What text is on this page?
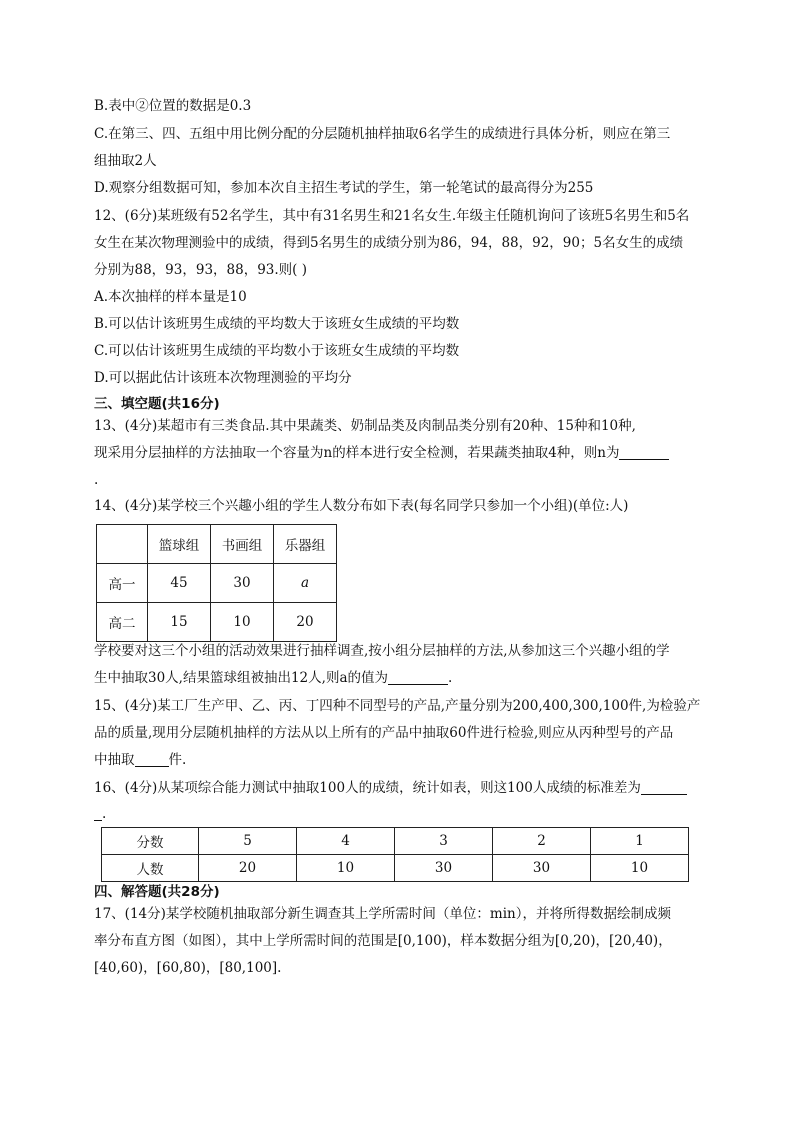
B.表中②位置的数据是0.3
C.在第三、四、五组中用比例分配的分层随机抽样抽取6名学生的成绩进行具体分析，则应在第三
组抽取2人
D.观察分组数据可知，参加本次自主招生考试的学生，第一轮笔试的最高得分为255
12、(6分)某班级有52名学生，其中有31名男生和21名女生.年级主任随机询问了该班5名男生和5名
女生在某次物理测验中的成绩，得到5名男生的成绩分别为86，94，88，92，90；5名女生的成绩
分别为88，93，93，88，93.则( )
A.本次抽样的样本量是10
B.可以估计该班男生成绩的平均数大于该班女生成绩的平均数
C.可以估计该班男生成绩的平均数小于该班女生成绩的平均数
D.可以据此估计该班本次物理测验的平均分
三、填空题(共16分)
13、(4分)某超市有三类食品.其中果蔬类、奶制品类及肉制品类分别有20种、15种和10种,
现采用分层抽样的方法抽取一个容量为n的样本进行安全检测，若果蔬类抽取4种，则n为
.
14、(4分)某学校三个兴趣小组的学生人数分布如下表(每名同学只参加一个小组)(单位:人)
	篮球组	书画组	乐器组
高一	45	30	a
高二	15	10	20
学校要对这三个小组的活动效果进行抽样调查,按小组分层抽样的方法,从参加这三个兴趣小组的学
生中抽取30人,结果篮球组被抽出12人,则a的值为	.
15、(4分)某工厂生产甲、乙、丙、丁四种不同型号的产品,产量分别为200,400,300,100件,为检验产
品的质量,现用分层随机抽样的方法从以上所有的产品中抽取60件进行检验,则应从丙种型号的产品
中抽取	件.
16、(4分)从某项综合能力测试中抽取100人的成绩，统计如表，则这100人成绩的标准差为
.
分数	5	4	3	2	1
人数	20	10	30	30	10
四、解答题(共28分)
17、(14分)某学校随机抽取部分新生调查其上学所需时间（单位：min），并将所得数据绘制成频
率分布直方图（如图），其中上学所需时间的范围是[0,100)，样本数据分组为[0,20)，[20,40)，
[40,60)，[60,80)，[80,100].
